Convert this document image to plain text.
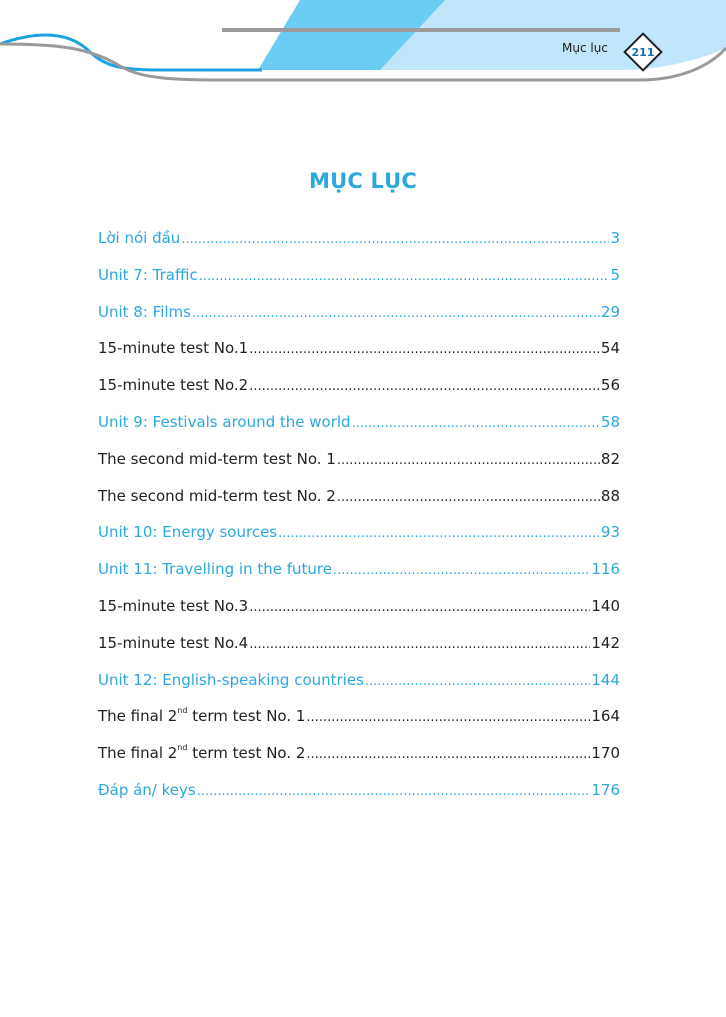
Mục lục	211
MỤC LỤC
Lời nói đầu .....	3
Unit 7: Traffic .....	5
Unit 8: Films .....	29
15-minute test No.1 .....	54
15-minute test No.2 .....	56
Unit 9: Festivals around the world .....	58
The second mid-term test No. 1 .....	82
The second mid-term test No. 2 .....	88
Unit 10: Energy sources .....	93
Unit 11: Travelling in the future .....	116
15-minute test No.3 .....	140
15-minute test No.4 .....	142
Unit 12: English-speaking countries .....	144
The final 2nd term test No. 1 .....	164
The final 2nd term test No. 2 .....	170
Đáp án/ keys .....	176
